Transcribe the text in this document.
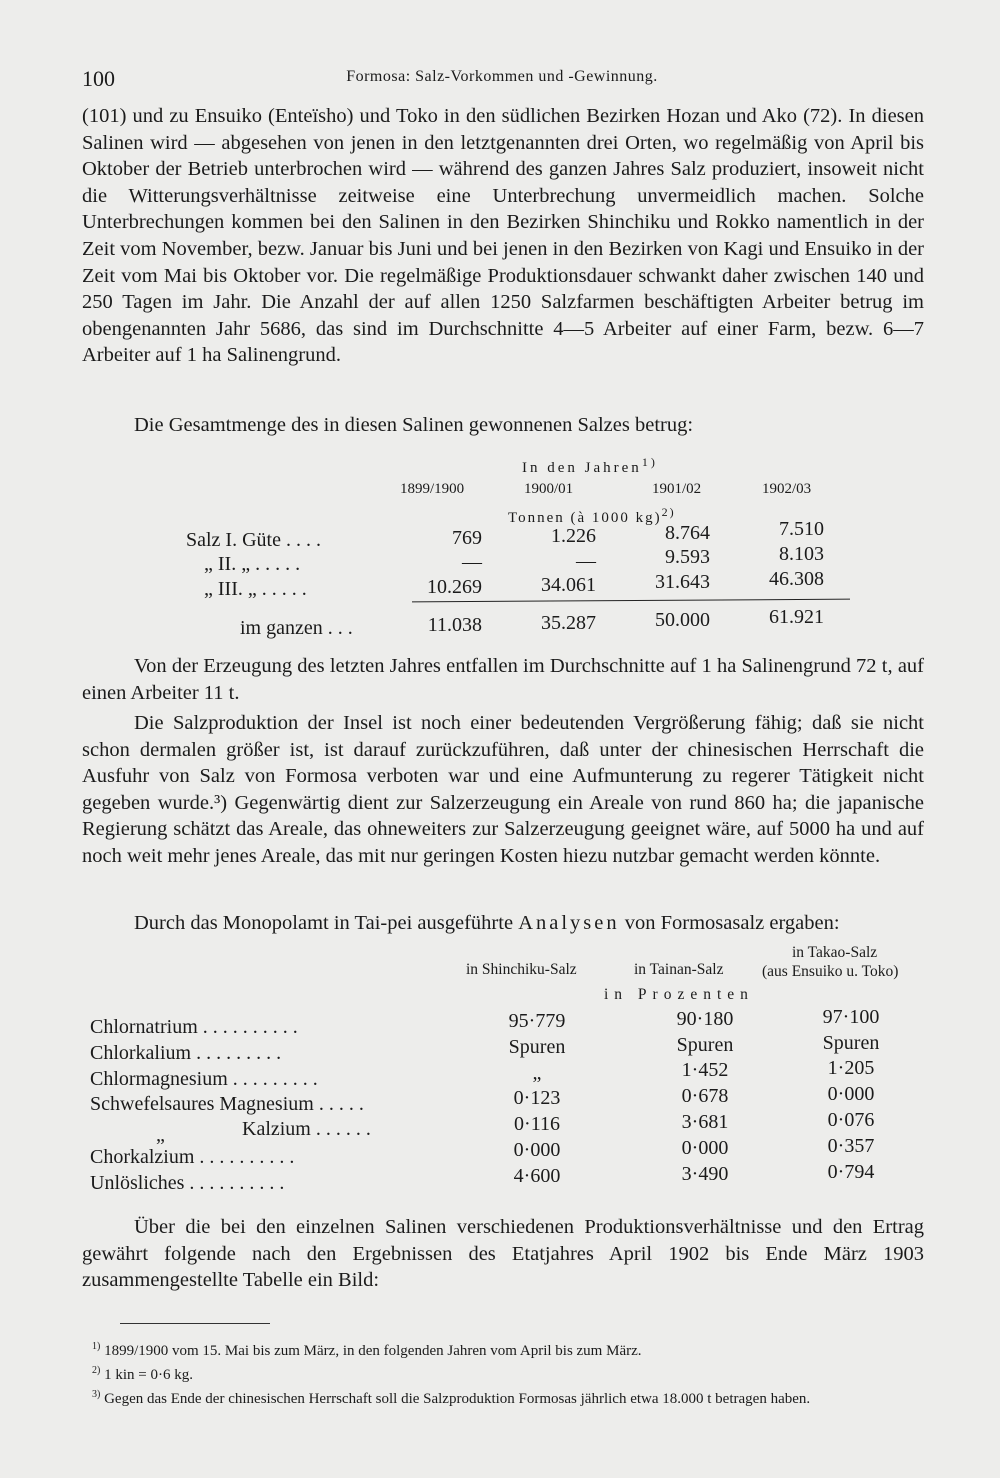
100	Formosa: Salz-Vorkommen und -Gewinnung.
(101) und zu Ensuiko (Enteïsho) und Toko in den südlichen Bezirken Hozan und Ako (72). In diesen Salinen wird — abgesehen von jenen in den letztgenannten drei Orten, wo regelmäßig von April bis Oktober der Betrieb unterbrochen wird — während des ganzen Jahres Salz produziert, insoweit nicht die Witterungsverhältnisse zeitweise eine Unterbrechung unvermeidlich machen. Solche Unterbrechungen kommen bei den Salinen in den Bezirken Shinchiku und Rokko namentlich in der Zeit vom November, bezw. Januar bis Juni und bei jenen in den Bezirken von Kagi und Ensuiko in der Zeit vom Mai bis Oktober vor. Die regelmäßige Produktionsdauer schwankt daher zwischen 140 und 250 Tagen im Jahr. Die Anzahl der auf allen 1250 Salzfarmen beschäftigten Arbeiter betrug im obengenannten Jahr 5686, das sind im Durchschnitte 4—5 Arbeiter auf einer Farm, bezw. 6—7 Arbeiter auf 1 ha Salinengrund.
Die Gesamtmenge des in diesen Salinen gewonnenen Salzes betrug:
In den Jahren$^{1)}$
1899/1900	1900/01	1901/02	1902/03
Tonnen (à 1000 kg)$^{2)}$
Salz I. Güte . . . .	769	1.226	8.764	7.510
„ II. „ . . . . .	—	—	9.593	8.103
„ III. „ . . . . .	10.269	34.061	31.643	46.308
im ganzen . . .	11.038	35.287	50.000	61.921
Von der Erzeugung des letzten Jahres entfallen im Durchschnitte auf 1 ha Salinengrund 72 t, auf einen Arbeiter 11 t.
Die Salzproduktion der Insel ist noch einer bedeutenden Vergrößerung fähig; daß sie nicht schon dermalen größer ist, ist darauf zurückzuführen, daß unter der chinesischen Herrschaft die Ausfuhr von Salz von Formosa verboten war und eine Aufmunterung zu regerer Tätigkeit nicht gegeben wurde.³) Gegenwärtig dient zur Salzerzeugung ein Areale von rund 860 ha; die japanische Regierung schätzt das Areale, das ohneweiters zur Salzerzeugung geeignet wäre, auf 5000 ha und auf noch weit mehr jenes Areale, das mit nur geringen Kosten hiezu nutzbar gemacht werden könnte.
Durch das Monopolamt in Tai-pei ausgeführte Analysen von Formosasalz ergaben:
in Shinchiku-Salz	in Tainan-Salz
in Takao-Salz
(aus Ensuiko u. Toko)
in Prozenten
Chlornatrium . . . . . . . . . .	95·779	90·180	97·100
Chlorkalium . . . . . . . . .	Spuren	Spuren	Spuren
Chlormagnesium . . . . . . . . .	„	1·452	1·205
Schwefelsaures Magnesium . . . . .	0·123	0·678	0·000
„	Kalzium . . . . . .	0·116	3·681	0·076
Chorkalzium . . . . . . . . . .	0·000	0·000	0·357
Unlösliches . . . . . . . . . .	4·600	3·490	0·794
Über die bei den einzelnen Salinen verschiedenen Produktionsverhältnisse und den Ertrag gewährt folgende nach den Ergebnissen des Etatjahres April 1902 bis Ende März 1903 zusammengestellte Tabelle ein Bild:
$^{1)}$ 1899/1900 vom 15. Mai bis zum März, in den folgenden Jahren vom April bis zum März.
$^{2)}$ 1 kin = 0·6 kg.
$^{3)}$ Gegen das Ende der chinesischen Herrschaft soll die Salzproduktion Formosas jährlich etwa 18.000 t betragen haben.
